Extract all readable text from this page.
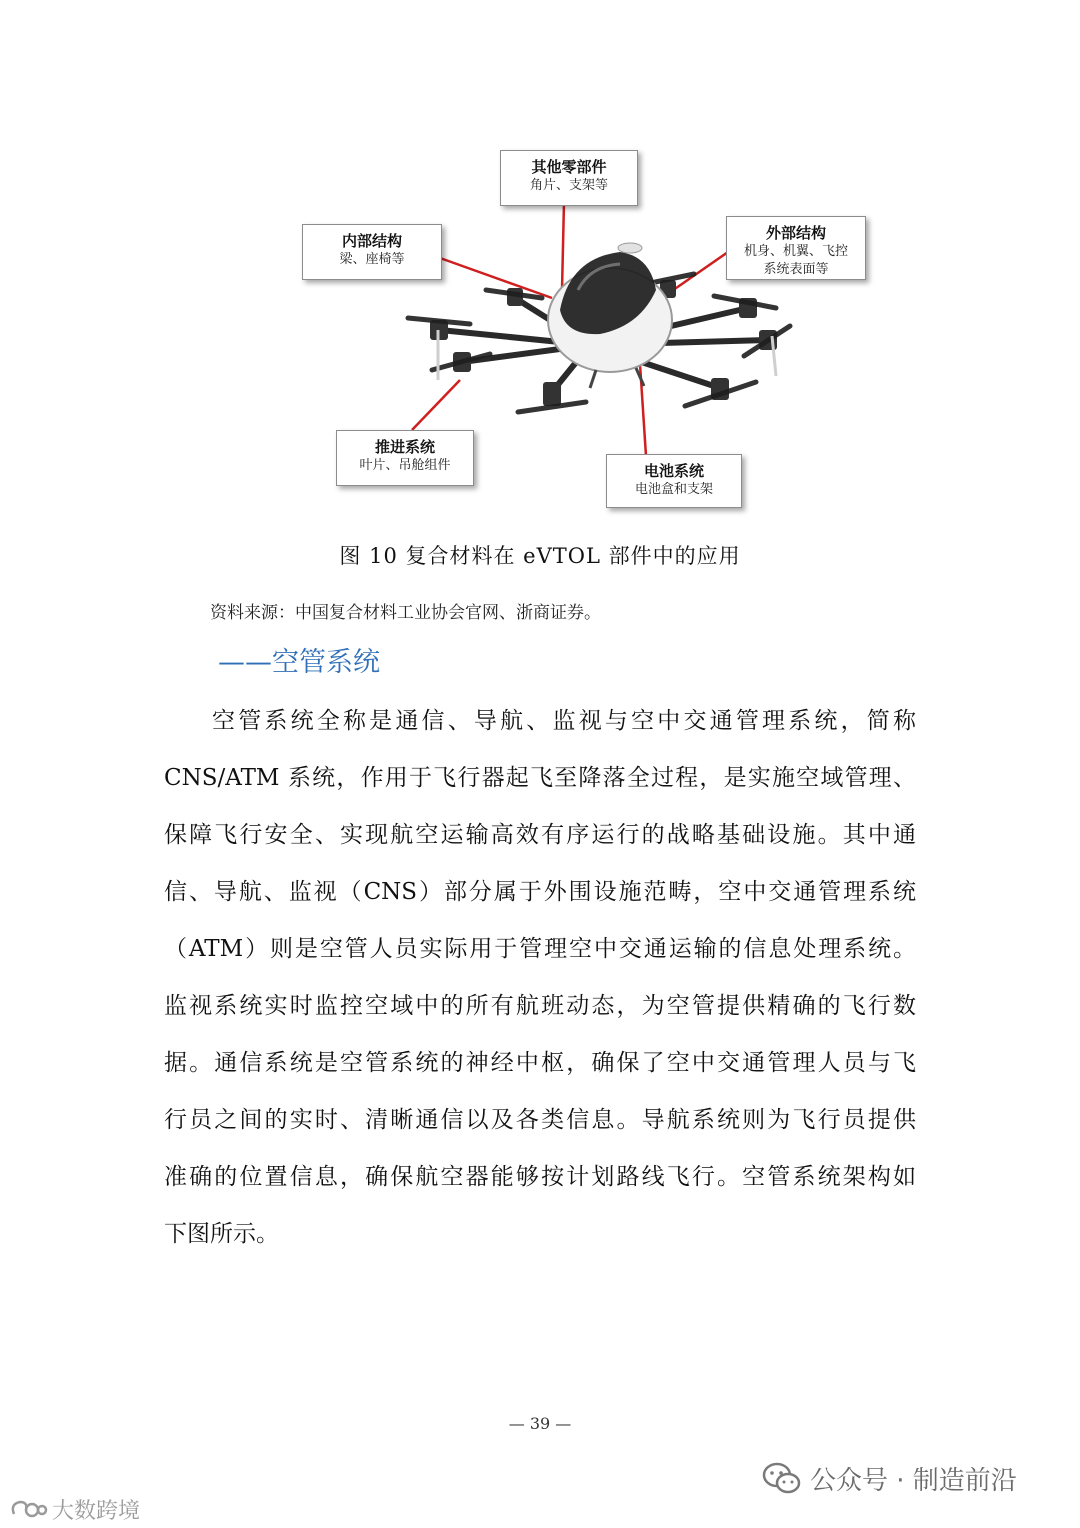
其他零部件
角片、支架等
内部结构
梁、座椅等
外部结构
机身、机翼、飞控
系统表面等
推进系统
叶片、吊舱组件	电池系统
电池盒和支架
图 10 复合材料在 eVTOL 部件中的应用
资料来源：中国复合材料工业协会官网、浙商证券。
——空管系统
空管系统全称是通信、导航、监视与空中交通管理系统，简称
CNS/ATM 系统，作用于飞行器起飞至降落全过程，是实施空域管理、
保障飞行安全、实现航空运输高效有序运行的战略基础设施。其中通
信、导航、监视（CNS）部分属于外围设施范畴，空中交通管理系统
（ATM）则是空管人员实际用于管理空中交通运输的信息处理系统。
监视系统实时监控空域中的所有航班动态，为空管提供精确的飞行数
据。通信系统是空管系统的神经中枢，确保了空中交通管理人员与飞
行员之间的实时、清晰通信以及各类信息。导航系统则为飞行员提供
准确的位置信息，确保航空器能够按计划路线飞行。空管系统架构如
下图所示。
— 39 —
公众号 · 制造前沿
大数跨境
